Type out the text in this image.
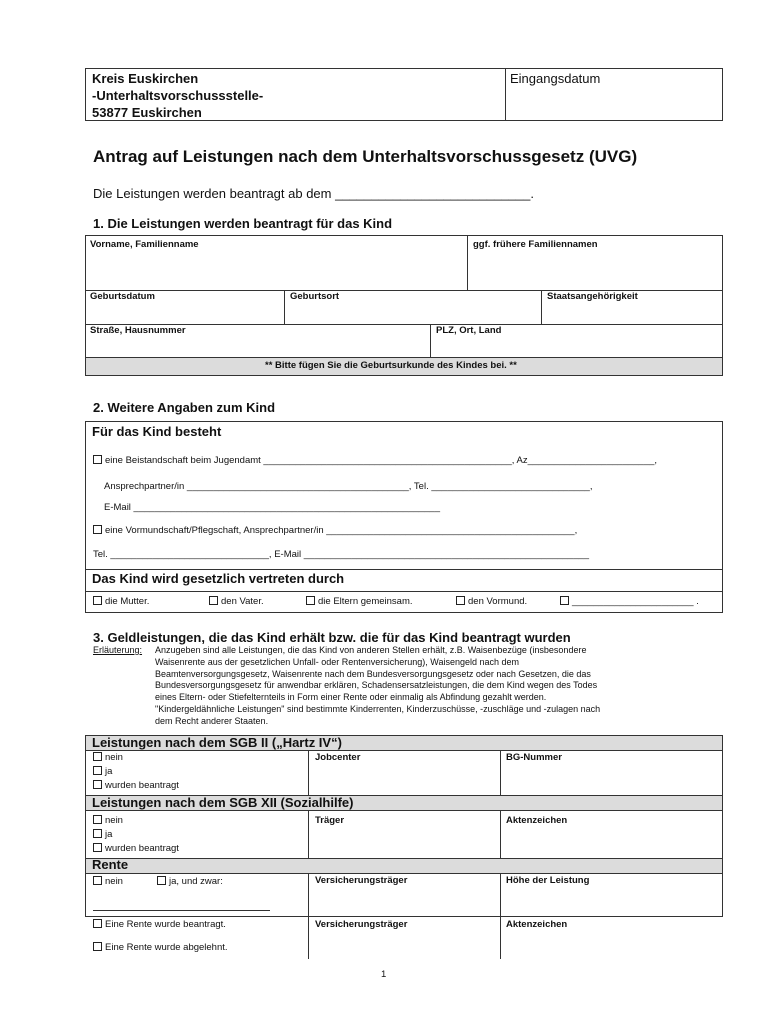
Kreis Euskirchen
-Unterhaltsvorschussstelle-
53877 Euskirchen
Eingangsdatum
Antrag auf Leistungen nach dem Unterhaltsvorschussgesetz (UVG)
Die Leistungen werden beantragt ab dem ___________________________.
1. Die Leistungen werden beantragt für das Kind
Vorname, Familienname	ggf. frühere Familiennamen
Geburtsdatum	Geburtsort	Staatsangehörigkeit
Straße, Hausnummer	PLZ, Ort, Land
** Bitte fügen Sie die Geburtsurkunde des Kindes bei. **
2. Weitere Angaben zum Kind
Für das Kind besteht
eine Beistandschaft beim Jugendamt _______________________________________________, Az________________________,
Ansprechpartner/in __________________________________________, Tel. ______________________________,
E-Mail __________________________________________________________
eine Vormundschaft/Pflegschaft, Ansprechpartner/in _______________________________________________,
Tel. ______________________________, E-Mail ______________________________________________________
Das Kind wird gesetzlich vertreten durch
die Mutter.	den Vater.	die Eltern gemeinsam.	den Vormund.	_______________________ .
3. Geldleistungen, die das Kind erhält bzw. die für das Kind beantragt wurden
Erläuterung: Anzugeben sind alle Leistungen, die das Kind von anderen Stellen erhält, z.B. Waisenbezüge (insbesondere
Waisenrente aus der gesetzlichen Unfall- oder Rentenversicherung), Waisengeld nach dem
Beamtenversorgungsgesetz, Waisenrente nach dem Bundesversorgungsgesetz oder nach Gesetzen, die das
Bundesversorgungsgesetz für anwendbar erklären, Schadensersatzleistungen, die dem Kind wegen des Todes
eines Eltern- oder Stiefelternteils in Form einer Rente oder einmalig als Abfindung gezahlt werden.
"Kindergeldähnliche Leistungen" sind bestimmte Kinderrenten, Kinderzuschüsse, -zuschläge und -zulagen nach
dem Recht anderer Staaten.
Leistungen nach dem SGB II („Hartz IV“)
nein
ja
wurden beantragt
Jobcenter	BG-Nummer
Leistungen nach dem SGB XII (Sozialhilfe)
nein
ja
wurden beantragt
Träger	Aktenzeichen
Rente
nein	ja, und zwar:	Versicherungsträger	Höhe der Leistung
Eine Rente wurde beantragt.
Eine Rente wurde abgelehnt.
Versicherungsträger	Aktenzeichen
1
